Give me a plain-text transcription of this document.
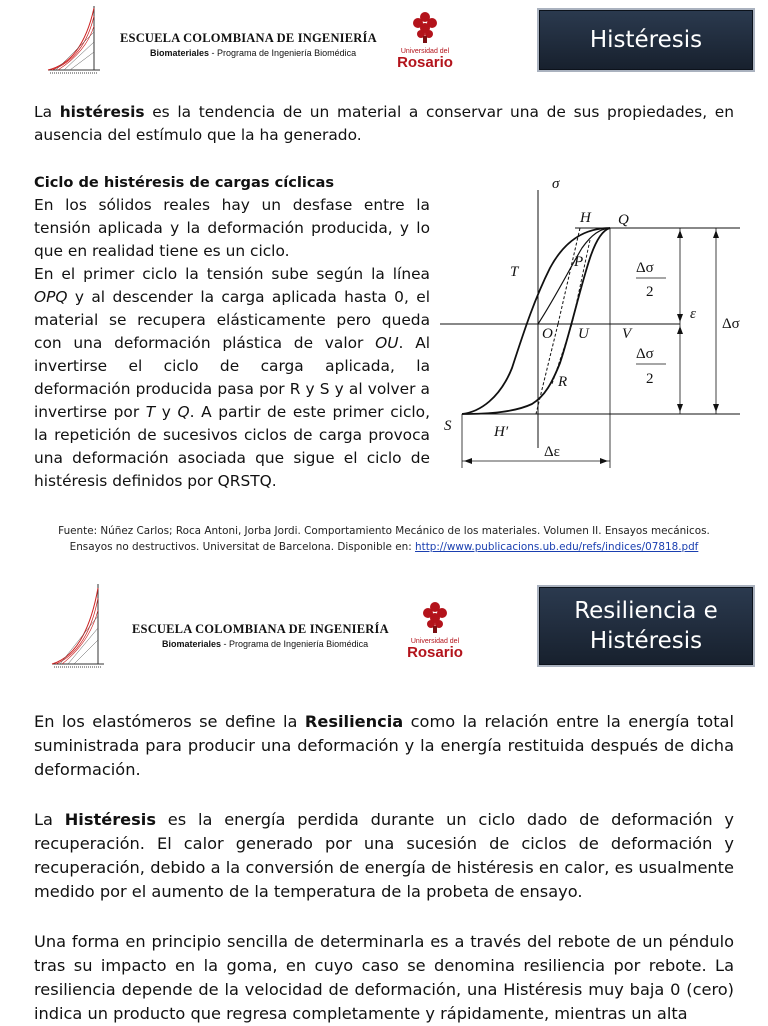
ESCUELA COLOMBIANA DE INGENIERÍA
Biomateriales - Programa de Ingeniería Biomédica	Universidad del
Rosario
Histéresis
La histéresis es la tendencia de un material a conservar una de sus propiedades, en ausencia del estímulo que la ha generado.
Ciclo de histéresis de cargas cíclicas
En los sólidos reales hay un desfase entre la tensión aplicada y la deformación producida, y lo que en realidad tiene es un ciclo.
En el primer ciclo la tensión sube según la línea OPQ y al descender la carga aplicada hasta 0, el material se recupera elásticamente pero queda con una deformación plástica de valor OU. Al invertirse el ciclo de carga aplicada, la deformación producida pasa por R y S y al volver a invertirse por T y Q. A partir de este primer ciclo, la repetición de sucesivos ciclos de carga provoca una deformación asociada que sigue el ciclo de histéresis definidos por QRSTQ.
σ
H Q
P
T
O U V
R
S	H′
ε
Δσ
2
Δσ
2
Δσ
Δε
Fuente: Núñez Carlos; Roca Antoni, Jorba Jordi. Comportamiento Mecánico de los materiales. Volumen II. Ensayos mecánicos.
Ensayos no destructivos. Universitat de Barcelona. Disponible en: http://www.publicacions.ub.edu/refs/indices/07818.pdf
ESCUELA COLOMBIANA DE INGENIERÍA
Biomateriales - Programa de Ingeniería Biomédica	Universidad del
Rosario
Resiliencia e
Histéresis
En los elastómeros se define la Resiliencia como la relación entre la energía total suministrada para producir una deformación y la energía restituida después de dicha deformación.
La Histéresis es la energía perdida durante un ciclo dado de deformación y recuperación. El calor generado por una sucesión de ciclos de deformación y recuperación, debido a la conversión de energía de histéresis en calor, es usualmente medido por el aumento de la temperatura de la probeta de ensayo.
Una forma en principio sencilla de determinarla es a través del rebote de un péndulo tras su impacto en la goma, en cuyo caso se denomina resiliencia por rebote. La resiliencia depende de la velocidad de deformación, una Histéresis muy baja 0 (cero) indica un producto que regresa completamente y rápidamente, mientras un alta
